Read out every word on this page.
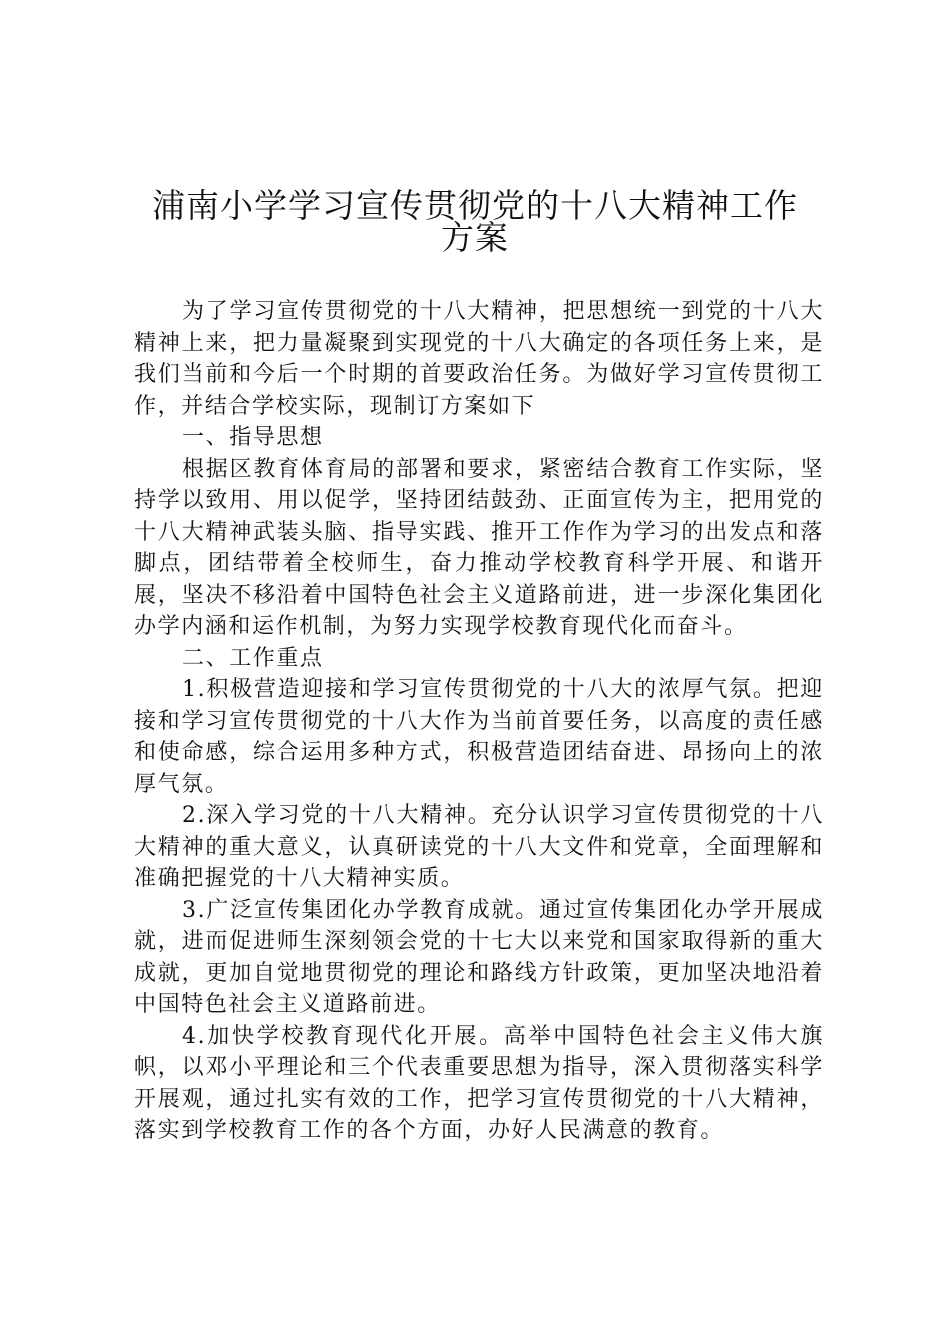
浦南小学学习宣传贯彻党的十八大精神工作
方案

为了学习宣传贯彻党的十八大精神，把思想统一到党的十八大精神上来，把力量凝聚到实现党的十八大确定的各项任务上来，是我们当前和今后一个时期的首要政治任务。为做好学习宣传贯彻工作，并结合学校实际，现制订方案如下

一、指导思想

根据区教育体育局的部署和要求，紧密结合教育工作实际，坚持学以致用、用以促学，坚持团结鼓劲、正面宣传为主，把用党的十八大精神武装头脑、指导实践、推开工作作为学习的出发点和落脚点，团结带着全校师生，奋力推动学校教育科学开展、和谐开展，坚决不移沿着中国特色社会主义道路前进，进一步深化集团化办学内涵和运作机制，为努力实现学校教育现代化而奋斗。

二、工作重点

1.积极营造迎接和学习宣传贯彻党的十八大的浓厚气氛。把迎接和学习宣传贯彻党的十八大作为当前首要任务，以高度的责任感和使命感，综合运用多种方式，积极营造团结奋进、昂扬向上的浓厚气氛。

2.深入学习党的十八大精神。充分认识学习宣传贯彻党的十八大精神的重大意义，认真研读党的十八大文件和党章，全面理解和准确把握党的十八大精神实质。

3.广泛宣传集团化办学教育成就。通过宣传集团化办学开展成就，进而促进师生深刻领会党的十七大以来党和国家取得新的重大成就，更加自觉地贯彻党的理论和路线方针政策，更加坚决地沿着中国特色社会主义道路前进。

4.加快学校教育现代化开展。高举中国特色社会主义伟大旗帜，以邓小平理论和三个代表重要思想为指导，深入贯彻落实科学开展观，通过扎实有效的工作，把学习宣传贯彻党的十八大精神，落实到学校教育工作的各个方面，办好人民满意的教育。
